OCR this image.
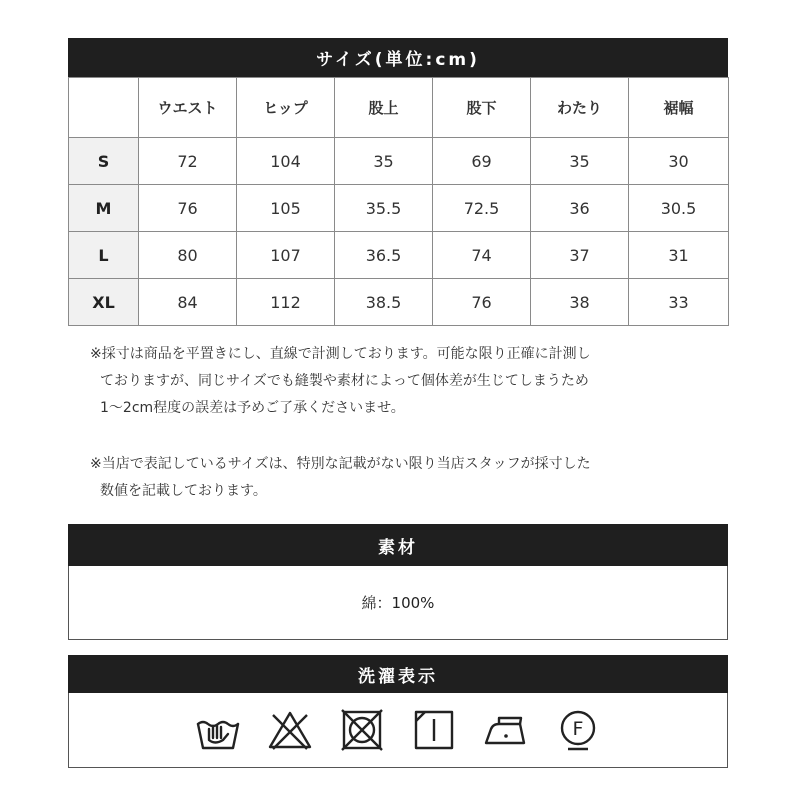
サイズ(単位:cm)
	ウエスト	ヒップ	股上	股下	わたり	裾幅
S	72	104	35	69	35	30
M	76	105	35.5	72.5	36	30.5
L	80	107	36.5	74	37	31
XL	84	112	38.5	76	38	33
※採寸は商品を平置きにし、直線で計測しております。可能な限り正確に計測し
ておりますが、同じサイズでも縫製や素材によって個体差が生じてしまうため
1〜2cm程度の誤差は予めご了承くださいませ。
※当店で表記しているサイズは、特別な記載がない限り当店スタッフが採寸した
数値を記載しております。
素材
綿：100%
洗濯表示
F
